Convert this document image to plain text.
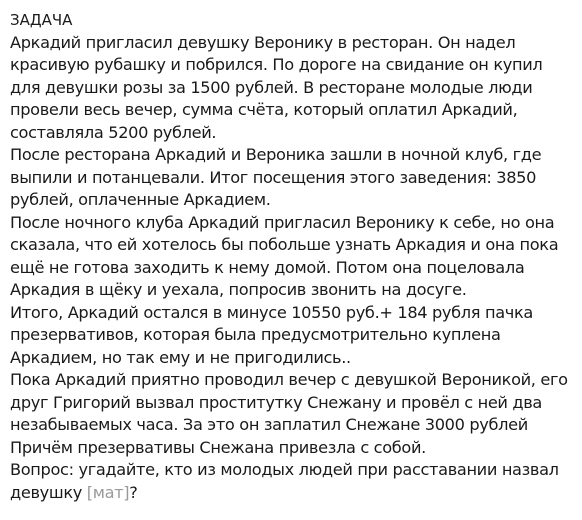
ЗАДАЧА

Аркадий пригласил девушку Веронику в ресторан. Он надел красивую рубашку и побрился. По дороге на свидание он купил для девушки розы за 1500 рублей. В ресторане молодые люди провели весь вечер, сумма счёта, который оплатил Аркадий, составляла 5200 рублей.

После ресторана Аркадий и Вероника зашли в ночной клуб, где выпили и потанцевали. Итог посещения этого заведения: 3850 рублей, оплаченные Аркадием.

После ночного клуба Аркадий пригласил Веронику к себе, но она сказала, что ей хотелось бы побольше узнать Аркадия и она пока ещё не готова заходить к нему домой. Потом она поцеловала Аркадия в щёку и уехала, попросив звонить на досуге.

Итого, Аркадий остался в минусе 10550 руб.+ 184 рубля пачка презервативов, которая была предусмотрительно куплена Аркадием, но так ему и не пригодились..

Пока Аркадий приятно проводил вечер с девушкой Вероникой, его друг Григорий вызвал проститутку Снежану и провёл с ней два незабываемых часа. За это он заплатил Снежане 3000 рублей Причём презервативы Снежана привезла с собой.

Вопрос: угадайте, кто из молодых людей при расставании назвал девушку [мат]?
